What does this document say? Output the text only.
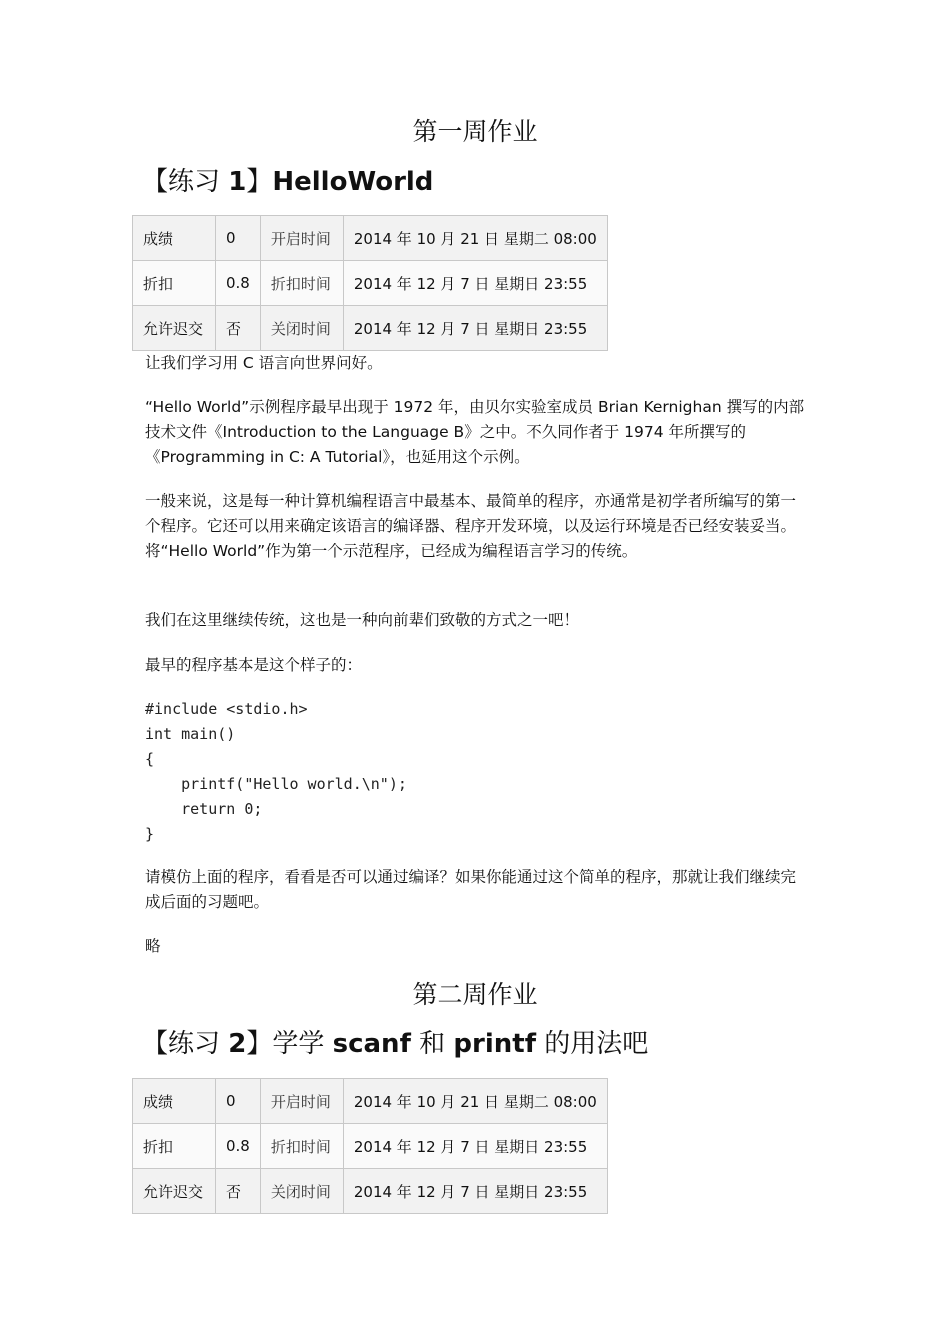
第一周作业
【练习 1】HelloWorld
成绩	0	开启时间	2014 年 10 月 21 日 星期二 08:00
折扣	0.8	折扣时间	2014 年 12 月 7 日 星期日 23:55
允许迟交	否	关闭时间	2014 年 12 月 7 日 星期日 23:55

让我们学习用 C 语言向世界问好。

“Hello World”示例程序最早出现于 1972 年，由贝尔实验室成员 Brian Kernighan 撰写的内部技术文件《Introduction to the Language B》之中。不久同作者于 1974 年所撰写的《Programming in C: A Tutorial》，也延用这个示例。

一般来说，这是每一种计算机编程语言中最基本、最简单的程序，亦通常是初学者所编写的第一个程序。它还可以用来确定该语言的编译器、程序开发环境，以及运行环境是否已经安装妥当。将“Hello World”作为第一个示范程序，已经成为编程语言学习的传统。

我们在这里继续传统，这也是一种向前辈们致敬的方式之一吧！

最早的程序基本是这个样子的：

#include <stdio.h>
int main()
{
printf("Hello world.\n");
return 0;
}

请模仿上面的程序，看看是否可以通过编译？如果你能通过这个简单的程序，那就让我们继续完成后面的习题吧。

略

第二周作业
【练习 2】学学 scanf 和 printf 的用法吧
成绩	0	开启时间	2014 年 10 月 21 日 星期二 08:00
折扣	0.8	折扣时间	2014 年 12 月 7 日 星期日 23:55
允许迟交	否	关闭时间	2014 年 12 月 7 日 星期日 23:55
